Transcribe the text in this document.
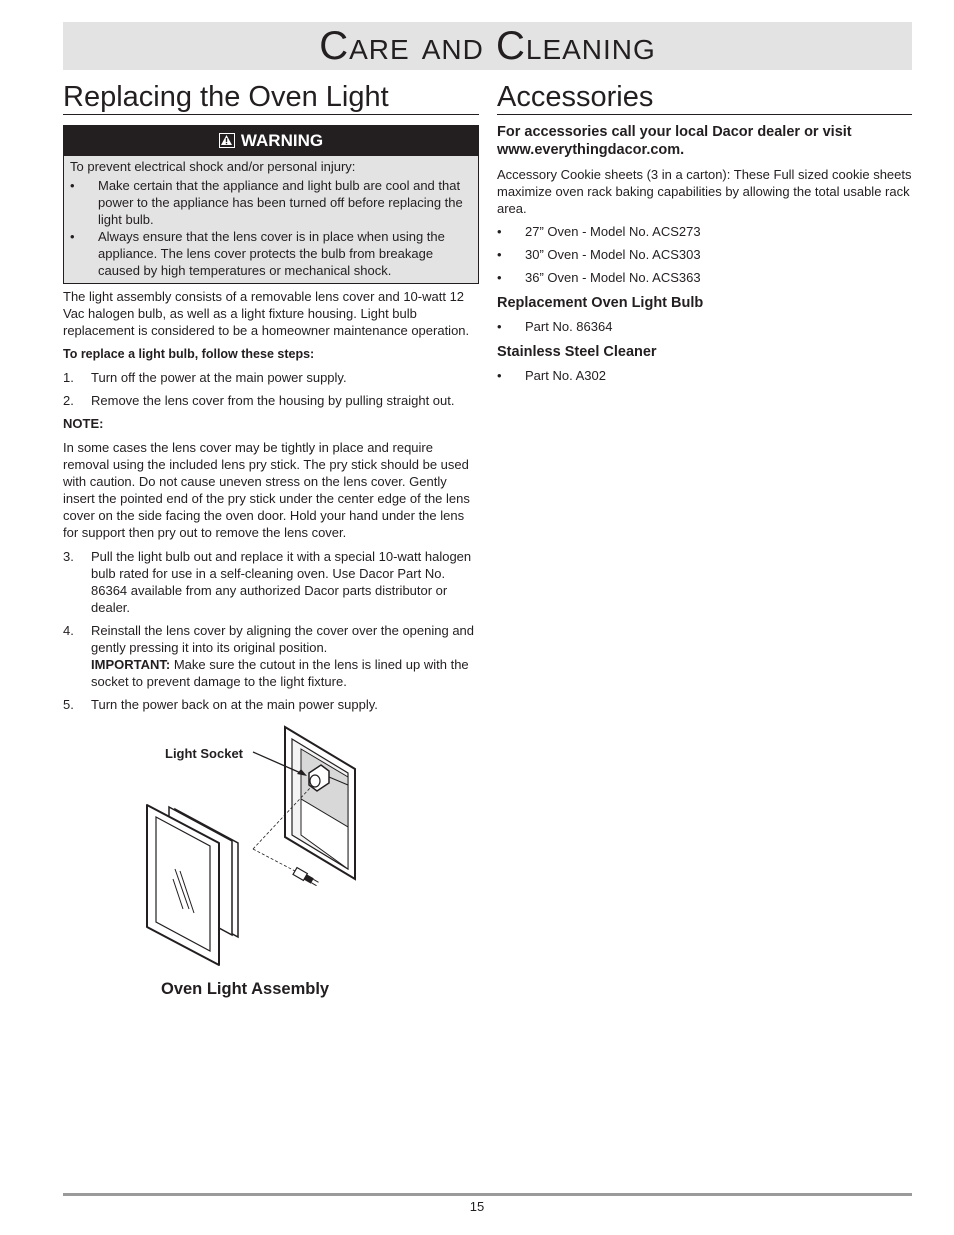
Care and Cleaning
Replacing the Oven Light
WARNING

To prevent electrical shock and/or personal injury:

• Make certain that the appliance and light bulb are cool and that power to the appliance has been turned off before replacing the light bulb.
• Always ensure that the lens cover is in place when using the appliance. The lens cover protects the bulb from breakage caused by high temperatures or mechanical shock.

The light assembly consists of a removable lens cover and 10-watt 12 Vac halogen bulb, as well as a light fixture housing. Light bulb replacement is considered to be a homeowner maintenance operation.

To replace a light bulb, follow these steps:

1. Turn off the power at the main power supply.
2. Remove the lens cover from the housing by pulling straight out.

NOTE:

In some cases the lens cover may be tightly in place and require removal using the included lens pry stick. The pry stick should be used with caution. Do not cause uneven stress on the lens cover. Gently insert the pointed end of the pry stick under the center edge of the lens cover on the side facing the oven door. Hold your hand under the lens for support then pry out to remove the lens cover.

3. Pull the light bulb out and replace it with a special 10-watt halogen bulb rated for use in a self-cleaning oven. Use Dacor Part No. 86364 available from any authorized Dacor parts distributor or dealer.
4. Reinstall the lens cover by aligning the cover over the opening and gently pressing it into its original position.
IMPORTANT: Make sure the cutout in the lens is lined up with the socket to prevent damage to the light fixture.
5. Turn the power back on at the main power supply.
Light Socket
Oven Light Assembly
Accessories

For accessories call your local Dacor dealer or visit www.everythingdacor.com.

Accessory Cookie sheets (3 in a carton): These Full sized cookie sheets maximize oven rack baking capabilities by allowing the total usable rack area.

• 27” Oven - Model No. ACS273
• 30” Oven - Model No. ACS303
• 36” Oven - Model No. ACS363

Replacement Oven Light Bulb

• Part No. 86364

Stainless Steel Cleaner

• Part No. A302
15
